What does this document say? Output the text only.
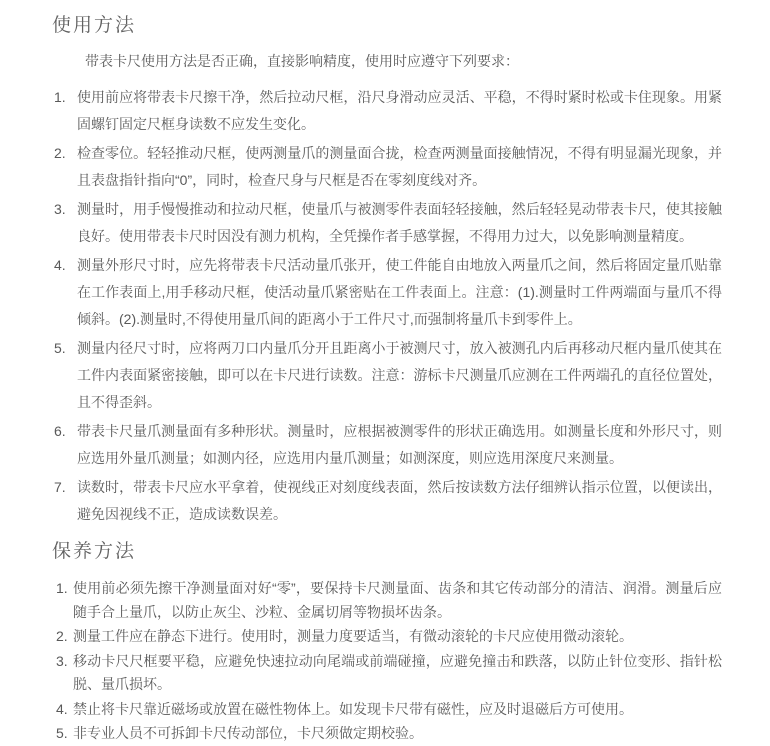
使用方法

带表卡尺使用方法是否正确，直接影响精度，使用时应遵守下列要求：

1. 使用前应将带表卡尺擦干净，然后拉动尺框，沿尺身滑动应灵活、平稳，不得时紧时松或卡住现象。用紧固螺钉固定尺框身读数不应发生变化。
2. 检查零位。轻轻推动尺框，使两测量爪的测量面合拢，检查两测量面接触情况，不得有明显漏光现象，并且表盘指针指向“0”，同时，检查尺身与尺框是否在零刻度线对齐。
3. 测量时，用手慢慢推动和拉动尺框，使量爪与被测零件表面轻轻接触，然后轻轻晃动带表卡尺，使其接触良好。使用带表卡尺时因没有测力机构，全凭操作者手感掌握，不得用力过大，以免影响测量精度。
4. 测量外形尺寸时，应先将带表卡尺活动量爪张开，使工件能自由地放入两量爪之间，然后将固定量爪贴靠在工作表面上,用手移动尺框，使活动量爪紧密贴在工件表面上。注意：(1).测量时工件两端面与量爪不得倾斜。(2).测量时,不得使用量爪间的距离小于工件尺寸,而强制将量爪卡到零件上。
5. 测量内径尺寸时，应将两刀口内量爪分开且距离小于被测尺寸，放入被测孔内后再移动尺框内量爪使其在工件内表面紧密接触，即可以在卡尺进行读数。注意：游标卡尺测量爪应测在工件两端孔的直径位置处，且不得歪斜。
6. 带表卡尺量爪测量面有多种形状。测量时，应根据被测零件的形状正确选用。如测量长度和外形尺寸，则应选用外量爪测量；如测内径，应选用内量爪测量；如测深度，则应选用深度尺来测量。
7. 读数时，带表卡尺应水平拿着，使视线正对刻度线表面，然后按读数方法仔细辨认指示位置，以便读出，避免因视线不正，造成读数误差。
保养方法
1. 使用前必须先擦干净测量面对好“零”，要保持卡尺测量面、齿条和其它传动部分的清洁、润滑。测量后应随手合上量爪，以防止灰尘、沙粒、金属切屑等物损坏齿条。
2. 测量工件应在静态下进行。使用时，测量力度要适当，有微动滚轮的卡尺应使用微动滚轮。
3. 移动卡尺尺框要平稳，应避免快速拉动向尾端或前端碰撞，应避免撞击和跌落，以防止针位变形、指针松脱、量爪损坏。
4. 禁止将卡尺靠近磁场或放置在磁性物体上。如发现卡尺带有磁性，应及时退磁后方可使用。
5. 非专业人员不可拆卸卡尺传动部位，卡尺须做定期校验。
